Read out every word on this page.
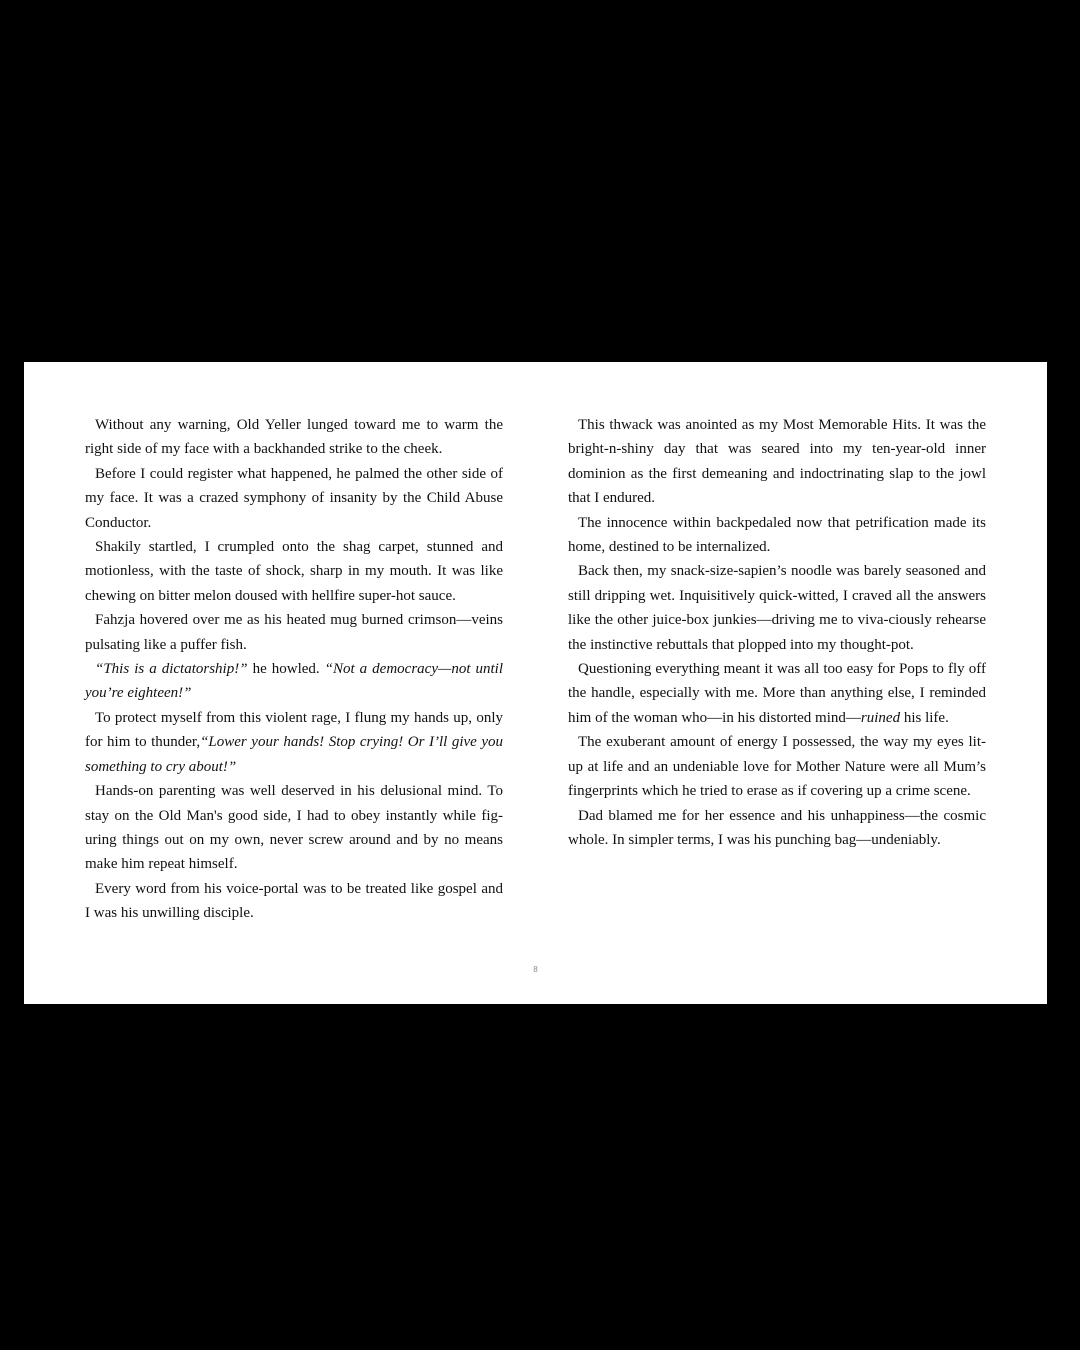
Without any warning, Old Yeller lunged toward me to warm the right side of my face with a backhanded strike to the cheek.

Before I could register what happened, he palmed the other side of my face. It was a crazed symphony of insanity by the Child Abuse Conductor.

Shakily startled, I crumpled onto the shag carpet, stunned and motionless, with the taste of shock, sharp in my mouth. It was like chewing on bitter melon doused with hellfire super-hot sauce.

Fahzja hovered over me as his heated mug burned crimson—veins pulsating like a puffer fish.

“This is a dictatorship!” he howled. “Not a democracy—not until you’re eighteen!”

To protect myself from this violent rage, I flung my hands up, only for him to thunder,“Lower your hands! Stop crying! Or I’ll give you something to cry about!”

Hands-on parenting was well deserved in his delusional mind. To stay on the Old Man's good side, I had to obey instantly while fig-uring things out on my own, never screw around and by no means make him repeat himself.

Every word from his voice-portal was to be treated like gospel and I was his unwilling disciple.

This thwack was anointed as my Most Memorable Hits. It was the bright-n-shiny day that was seared into my ten-year-old inner dominion as the first demeaning and indoctrinating slap to the jowl that I endured.

The innocence within backpedaled now that petrification made its home, destined to be internalized.

Back then, my snack-size-sapien’s noodle was barely seasoned and still dripping wet. Inquisitively quick-witted, I craved all the answers like the other juice-box junkies—driving me to viva-ciously rehearse the instinctive rebuttals that plopped into my thought-pot.

Questioning everything meant it was all too easy for Pops to fly off the handle, especially with me. More than anything else, I reminded him of the woman who—in his distorted mind—ruined his life.

The exuberant amount of energy I possessed, the way my eyes lit-up at life and an undeniable love for Mother Nature were all Mum’s fingerprints which he tried to erase as if covering up a crime scene.

Dad blamed me for her essence and his unhappiness—the cosmic whole. In simpler terms, I was his punching bag—undeniably.

8
